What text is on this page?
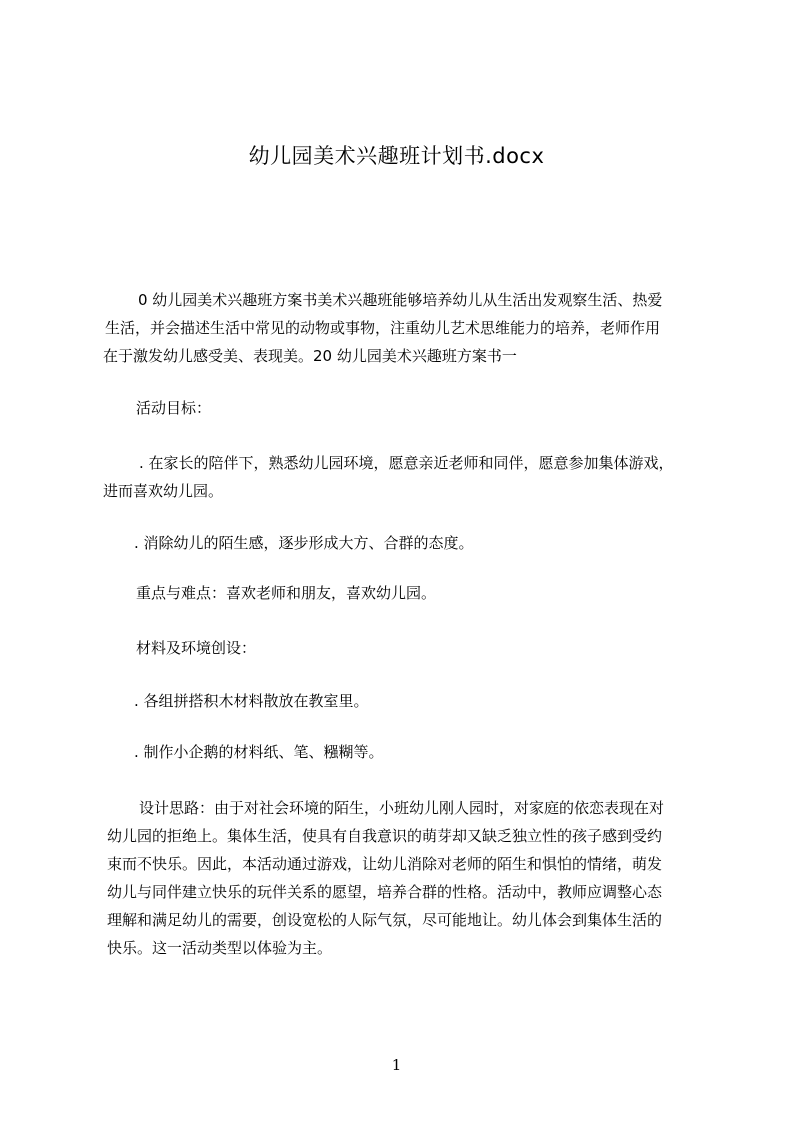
幼儿园美术兴趣班计划书.docx
0 幼儿园美术兴趣班方案书美术兴趣班能够培养幼儿从生活出发观察生活、热爱
生活，并会描述生活中常见的动物或事物，注重幼儿艺术思维能力的培养，老师作用
在于激发幼儿感受美、表现美。20 幼儿园美术兴趣班方案书一
活动目标：
. 在家长的陪伴下，熟悉幼儿园环境，愿意亲近老师和同伴，愿意参加集体游戏，
进而喜欢幼儿园。
. 消除幼儿的陌生感，逐步形成大方、合群的态度。
重点与难点：喜欢老师和朋友，喜欢幼儿园。
材料及环境创设：
. 各组拼搭积木材料散放在教室里。
. 制作小企鹅的材料纸、笔、糨糊等。
设计思路：由于对社会环境的陌生，小班幼儿刚人园时，对家庭的依恋表现在对
幼儿园的拒绝上。集体生活，使具有自我意识的萌芽却又缺乏独立性的孩子感到受约
束而不快乐。因此，本活动通过游戏，让幼儿消除对老师的陌生和惧怕的情绪，萌发
幼儿与同伴建立快乐的玩伴关系的愿望，培养合群的性格。活动中，教师应调整心态
理解和满足幼儿的需要，创设宽松的人际气氛，尽可能地让。幼儿体会到集体生活的
快乐。这一活动类型以体验为主。
1
